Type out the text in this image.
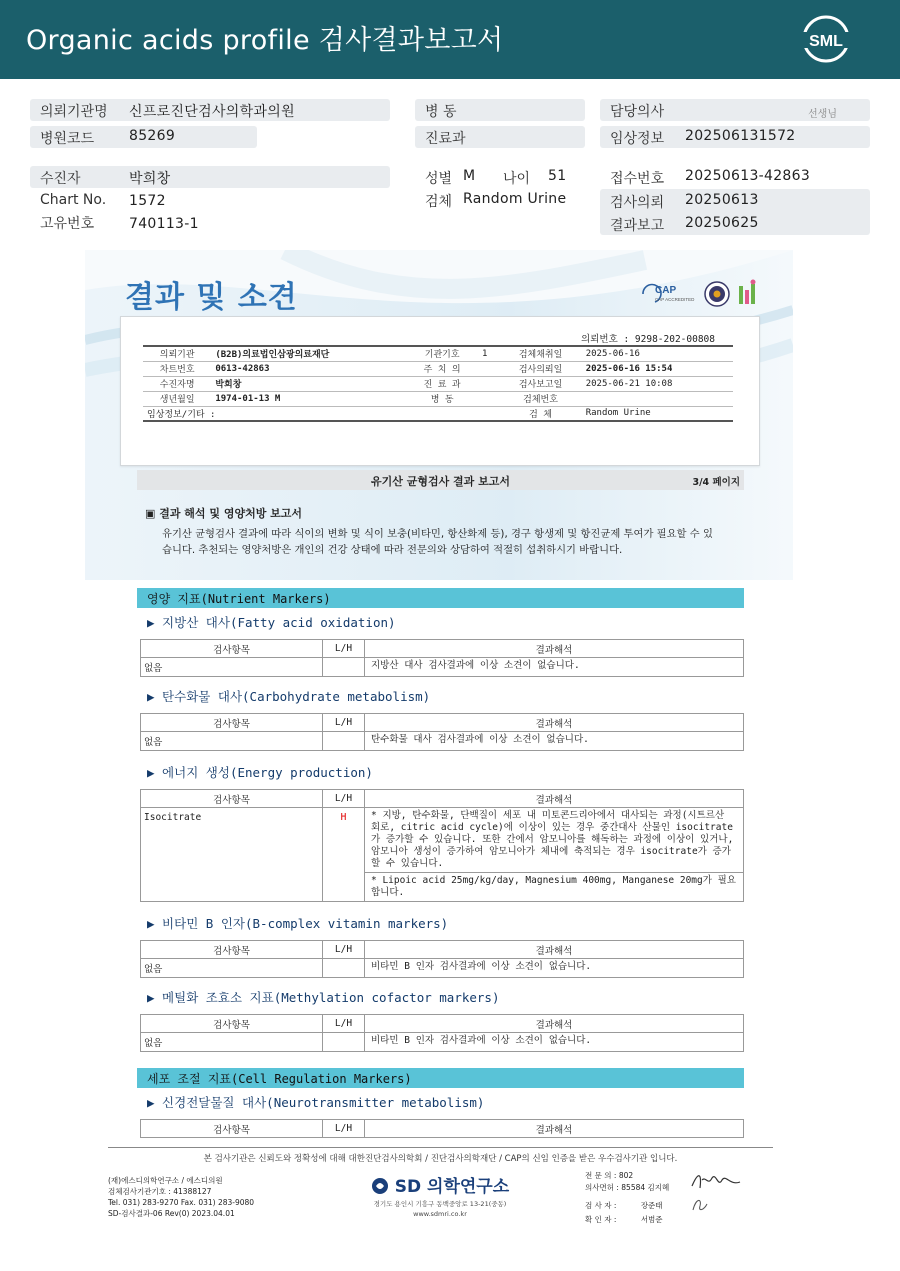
Organic acids profile 검사결과보고서	SML
의뢰기관명 신프로진단검사의학과의원
병원코드 85269
수진자	박희창
Chart No. 1572
고유번호 740113-1
병 동
진료과
성별 M 나이 51
검체 Random Urine
담당의사	선생님
임상정보 202506131572
접수번호 20250613-42863
검사의뢰 20250613
결과보고 20250625
결과 및 소견	CAP
CAP ACCREDITED
의뢰번호 : 9298-202-00808
의뢰기관	(B2B)의료법인삼광의료재단	기관기호	1	검체채취일	2025-06-16
차트번호	0613-42863	주 치 의		검사의뢰일	2025-06-16 15:54
수진자명	박희창	진 료 과		검사보고일	2025-06-21 10:08
생년월일	1974-01-13 M	병 동		검체번호	
임상정보/기타 :				검 체	Random Urine
유기산 균형검사 결과 보고서	3/4 페이지
▣ 결과 해석 및 영양처방 보고서
유기산 균형검사 결과에 따라 식이의 변화 및 식이 보충(비타민, 항산화제 등), 경구 항생제 및 항진균제 투여가 필요할 수 있습니다. 추천되는 영양처방은 개인의 건강 상태에 따라 전문의와 상담하여 적절히 섭취하시기 바랍니다.
영양 지표(Nutrient Markers)
▶ 지방산 대사(Fatty acid oxidation)
검사항목	L/H	결과해석
없음		지방산 대사 검사결과에 이상 소견이 없습니다.
▶ 탄수화물 대사(Carbohydrate metabolism)
검사항목	L/H	결과해석
없음		탄수화물 대사 검사결과에 이상 소견이 없습니다.
▶ 에너지 생성(Energy production)
검사항목	L/H	결과해석
Isocitrate	H	* 지방, 탄수화물, 단백질이 세포 내 미토콘드리아에서 대사되는 과정(시트르산 회로, citric acid cycle)에 이상이 있는 경우 중간대사 산물인 isocitrate가 증가할 수 있습니다. 또한 간에서 암모니아를 해독하는 과정에 이상이 있거나, 암모니아 생성이 증가하여 암모니아가 체내에 축적되는 경우 isocitrate가 증가할 수 있습니다.
		* Lipoic acid 25mg/kg/day, Magnesium 400mg, Manganese 20mg가 필요합니다.
▶ 비타민 B 인자(B-complex vitamin markers)
검사항목	L/H	결과해석
없음		비타민 B 인자 검사결과에 이상 소견이 없습니다.
▶ 메틸화 조효소 지표(Methylation cofactor markers)
검사항목	L/H	결과해석
없음		비타민 B 인자 검사결과에 이상 소견이 없습니다.
세포 조절 지표(Cell Regulation Markers)
▶ 신경전달물질 대사(Neurotransmitter metabolism)
검사항목	L/H	결과해석
본 검사기관은 신뢰도와 정확성에 대해 대한진단검사의학회 / 진단검사의학재단 / CAP의 신임 인증을 받은 우수검사기관 입니다.
(재)에스디의학연구소 / 에스디의원
검체검사기관기호 : 41388127
Tel. 031) 283-9270 Fax. 031) 283-9080
SD-검사결과-06 Rev(0) 2023.04.01
SD 의학연구소
경기도 용인시 기흥구 동백중앙로 13-21(중동)
www.sdmri.co.kr
전 문 의 : 802
의사면허 : 85584 김지혜
검 사 자 :	장준태
확 인 자 :	서범준
